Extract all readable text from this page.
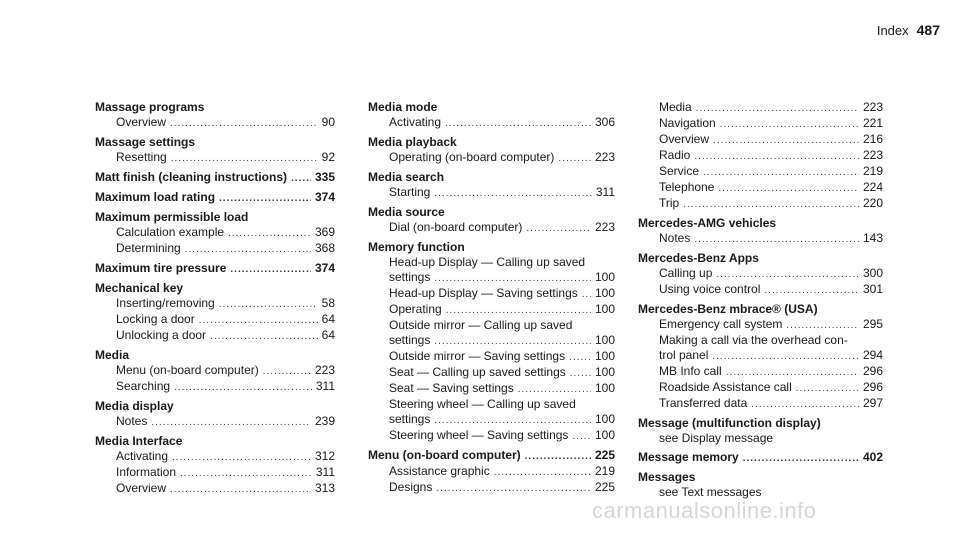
Index 487
Massage programs
Overview .....	90
Massage settings
Resetting .....	92
Matt finish (cleaning instructions) ..... 335
Maximum load rating .....	374
Maximum permissible load
Calculation example .....	369
Determining .....	368
Maximum tire pressure .....	374
Mechanical key
Inserting/removing .....	58
Locking a door .....	64
Unlocking a door .....	64
Media
Menu (on-board computer) .....	223
Searching .....	311
Media display
Notes .....	239
Media Interface
Activating .....	312
Information .....	311
Overview .....	313
Media mode
Activating .....	306
Media playback
Operating (on-board computer) .....	223
Media search
Starting .....	311
Media source
Dial (on-board computer) .....	223
Memory function
Head-up Display — Calling up saved
settings .....	100
Head-up Display — Saving settings ..... 100
Operating .....	100
Outside mirror — Calling up saved
settings .....	100
Outside mirror — Saving settings ..... 100
Seat — Calling up saved settings ..... 100
Seat — Saving settings .....	100
Steering wheel — Calling up saved
settings .....	100
Steering wheel — Saving settings ..... 100
Menu (on-board computer) .....	225
Assistance graphic .....	219
Designs .....	225
Media .....	223
Navigation .....	221
Overview .....	216
Radio .....	223
Service .....	219
Telephone .....	224
Trip .....	220
Mercedes-AMG vehicles
Notes .....	143
Mercedes-Benz Apps
Calling up .....	300
Using voice control .....	301
Mercedes-Benz mbrace® (USA)
Emergency call system .....	295
Making a call via the overhead con-
trol panel .....	294
MB Info call .....	296
Roadside Assistance call .....	296
Transferred data .....	297
Message (multifunction display)
see Display message
Message memory .....	402
Messages
see Text messages
carmanualsonline.info
